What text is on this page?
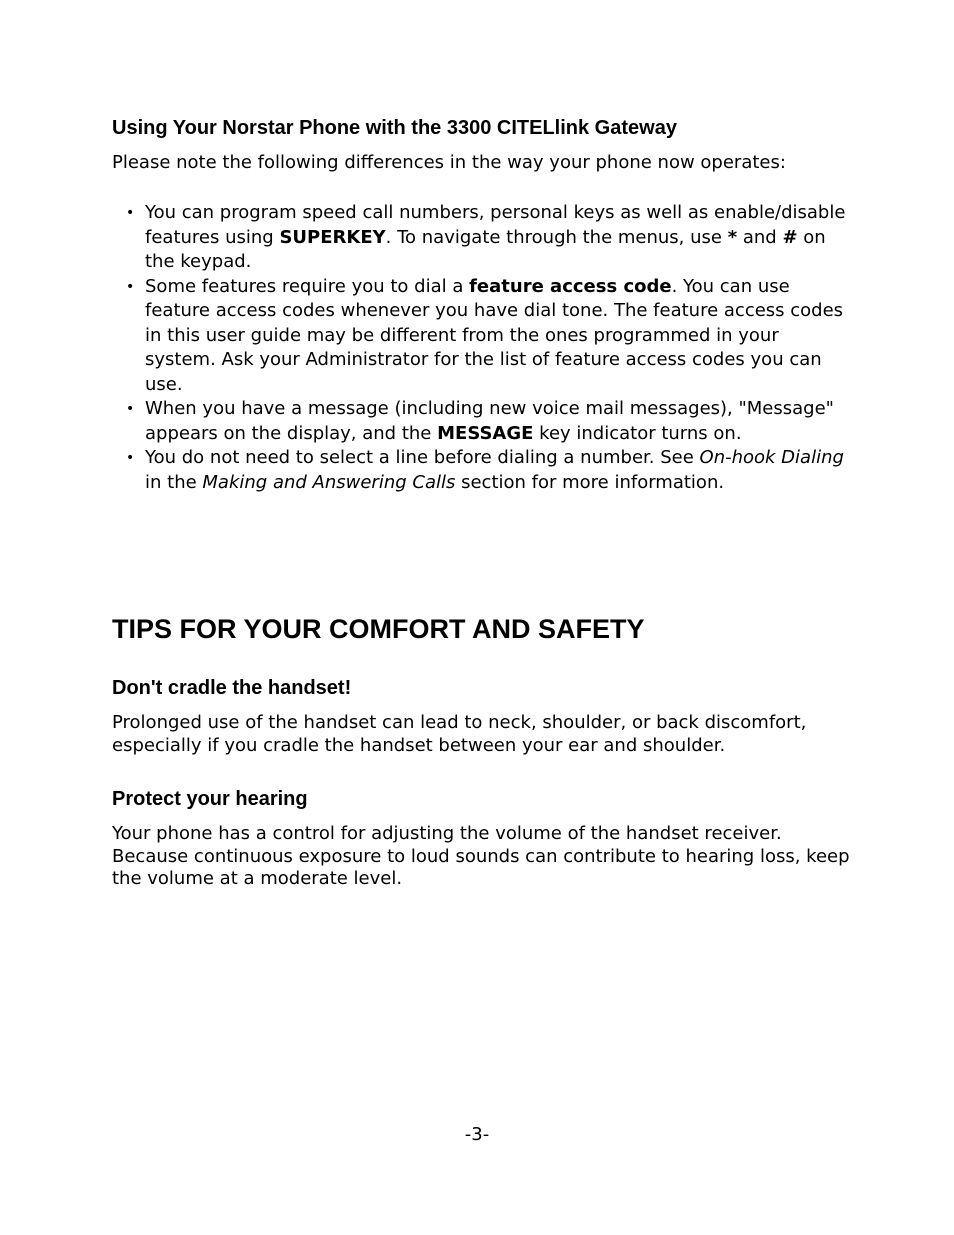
Using Your Norstar Phone with the 3300 CITELlink Gateway

Please note the following differences in the way your phone now operates:

• You can program speed call numbers, personal keys as well as enable/disable features using SUPERKEY. To navigate through the menus, use * and # on the keypad.
• Some features require you to dial a feature access code. You can use feature access codes whenever you have dial tone. The feature access codes in this user guide may be different from the ones programmed in your system. Ask your Administrator for the list of feature access codes you can use.
• When you have a message (including new voice mail messages), "Message" appears on the display, and the MESSAGE key indicator turns on.
• You do not need to select a line before dialing a number. See On-hook Dialing in the Making and Answering Calls section for more information.
TIPS FOR YOUR COMFORT AND SAFETY
Don't cradle the handset!

Prolonged use of the handset can lead to neck, shoulder, or back discomfort, especially if you cradle the handset between your ear and shoulder.

Protect your hearing

Your phone has a control for adjusting the volume of the handset receiver. Because continuous exposure to loud sounds can contribute to hearing loss, keep the volume at a moderate level.

-3-
